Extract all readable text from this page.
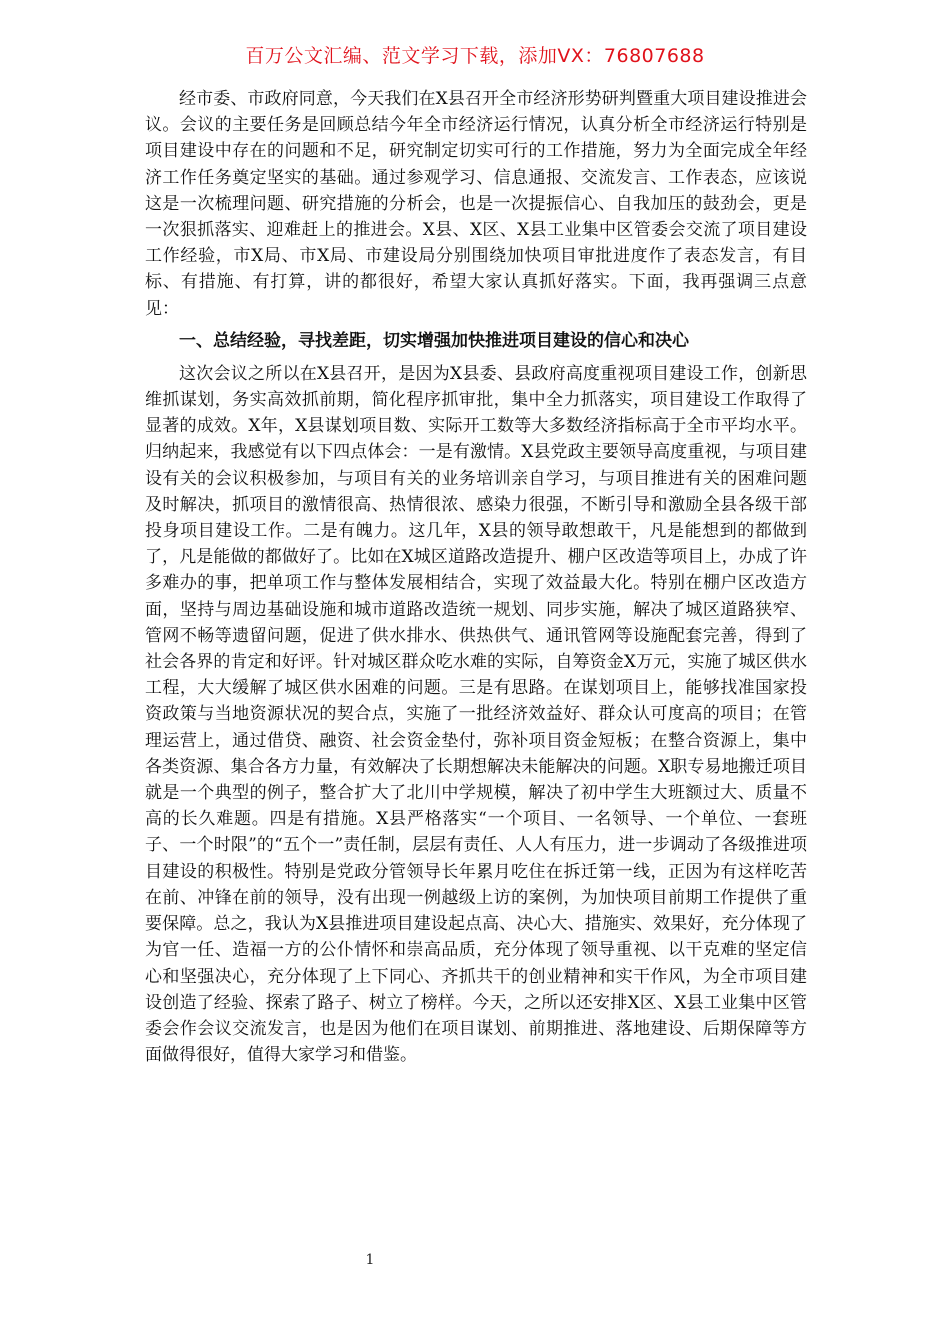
百万公文汇编、范文学习下载，添加VX：76807688

经市委、市政府同意，今天我们在X县召开全市经济形势研判暨重大项目建设推进会议。会议的主要任务是回顾总结今年全市经济运行情况，认真分析全市经济运行特别是项目建设中存在的问题和不足，研究制定切实可行的工作措施，努力为全面完成全年经济工作任务奠定坚实的基础。通过参观学习、信息通报、交流发言、工作表态，应该说这是一次梳理问题、研究措施的分析会，也是一次提振信心、自我加压的鼓劲会，更是一次狠抓落实、迎难赶上的推进会。X县、X区、X县工业集中区管委会交流了项目建设工作经验，市X局、市X局、市建设局分别围绕加快项目审批进度作了表态发言，有目标、有措施、有打算，讲的都很好，希望大家认真抓好落实。下面，我再强调三点意见：

一、总结经验，寻找差距，切实增强加快推进项目建设的信心和决心

这次会议之所以在X县召开，是因为X县委、县政府高度重视项目建设工作，创新思维抓谋划，务实高效抓前期，简化程序抓审批，集中全力抓落实，项目建设工作取得了显著的成效。X年，X县谋划项目数、实际开工数等大多数经济指标高于全市平均水平。归纳起来，我感觉有以下四点体会：一是有激情。X县党政主要领导高度重视，与项目建设有关的会议积极参加，与项目有关的业务培训亲自学习，与项目推进有关的困难问题及时解决，抓项目的激情很高、热情很浓、感染力很强，不断引导和激励全县各级干部投身项目建设工作。二是有魄力。这几年，X县的领导敢想敢干，凡是能想到的都做到了，凡是能做的都做好了。比如在X城区道路改造提升、棚户区改造等项目上，办成了许多难办的事，把单项工作与整体发展相结合，实现了效益最大化。特别在棚户区改造方面，坚持与周边基础设施和城市道路改造统一规划、同步实施，解决了城区道路狭窄、管网不畅等遗留问题，促进了供水排水、供热供气、通讯管网等设施配套完善，得到了社会各界的肯定和好评。针对城区群众吃水难的实际，自筹资金X万元，实施了城区供水工程，大大缓解了城区供水困难的问题。三是有思路。在谋划项目上，能够找准国家投资政策与当地资源状况的契合点，实施了一批经济效益好、群众认可度高的项目；在管理运营上，通过借贷、融资、社会资金垫付，弥补项目资金短板；在整合资源上，集中各类资源、集合各方力量，有效解决了长期想解决未能解决的问题。X职专易地搬迁项目就是一个典型的例子，整合扩大了北川中学规模，解决了初中学生大班额过大、质量不高的长久难题。四是有措施。X县严格落实“一个项目、一名领导、一个单位、一套班子、一个时限”的“五个一”责任制，层层有责任、人人有压力，进一步调动了各级推进项目建设的积极性。特别是党政分管领导长年累月吃住在拆迁第一线，正因为有这样吃苦在前、冲锋在前的领导，没有出现一例越级上访的案例，为加快项目前期工作提供了重要保障。总之，我认为X县推进项目建设起点高、决心大、措施实、效果好，充分体现了为官一任、造福一方的公仆情怀和崇高品质，充分体现了领导重视、以干克难的坚定信心和坚强决心，充分体现了上下同心、齐抓共干的创业精神和实干作风，为全市项目建设创造了经验、探索了路子、树立了榜样。今天，之所以还安排X区、X县工业集中区管委会作会议交流发言，也是因为他们在项目谋划、前期推进、落地建设、后期保障等方面做得很好，值得大家学习和借鉴。

1
